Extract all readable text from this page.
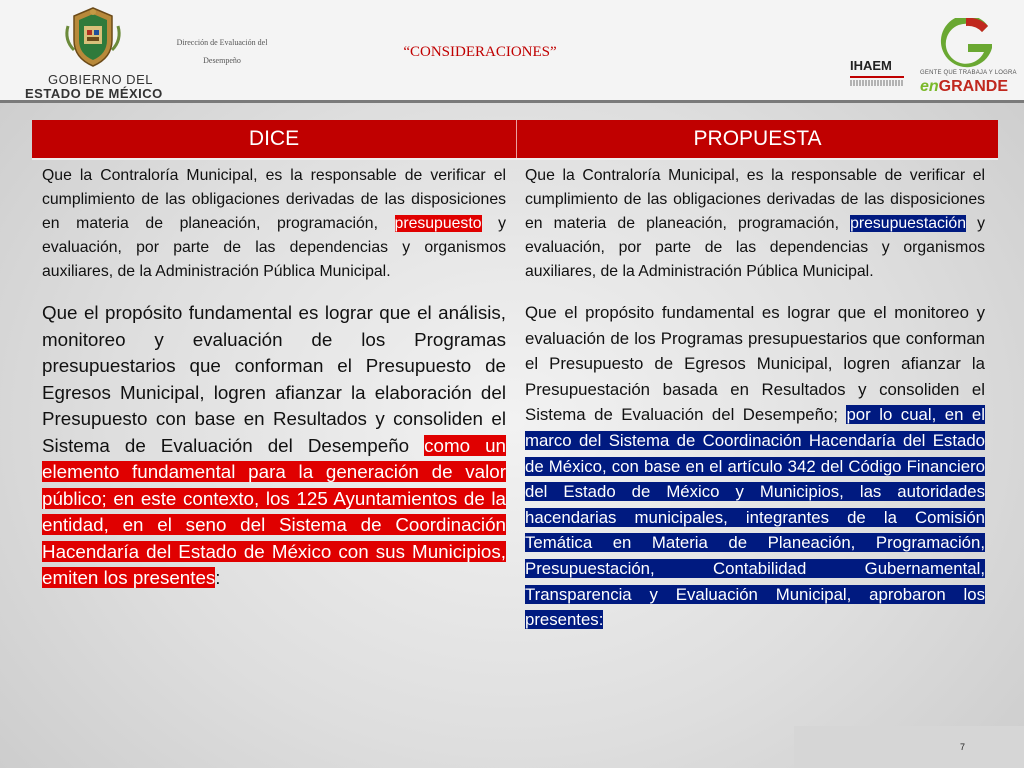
GOBIERNO DEL
ESTADO DE MÉXICO
Dirección de Evaluación del
Desempeño
“CONSIDERACIONES”
IHAEM	GENTE QUE TRABAJA Y LOGRA
enGRANDE
DICE	PROPUESTA

Que la Contraloría Municipal, es la responsable de verificar el cumplimiento de las obligaciones derivadas de las disposiciones en materia de planeación, programación, presupuesto y evaluación, por parte de las dependencias y organismos auxiliares, de la Administración Pública Municipal.

Que el propósito fundamental es lograr que el análisis, monitoreo y evaluación de los Programas presupuestarios que conforman el Presupuesto de Egresos Municipal, logren afianzar la elaboración del Presupuesto con base en Resultados y consoliden el Sistema de Evaluación del Desempeño como un elemento fundamental para la generación de valor público; en este contexto, los 125 Ayuntamientos de la entidad, en el seno del Sistema de Coordinación Hacendaría del Estado de México con sus Municipios, emiten los presentes:

Que la Contraloría Municipal, es la responsable de verificar el cumplimiento de las obligaciones derivadas de las disposiciones en materia de planeación, programación, presupuestación y evaluación, por parte de las dependencias y organismos auxiliares, de la Administración Pública Municipal.

Que el propósito fundamental es lograr que el monitoreo y evaluación de los Programas presupuestarios que conforman el Presupuesto de Egresos Municipal, logren afianzar la Presupuestación basada en Resultados y consoliden el Sistema de Evaluación del Desempeño; por lo cual, en el marco del Sistema de Coordinación Hacendaría del Estado de México, con base en el artículo 342 del Código Financiero del Estado de México y Municipios, las autoridades hacendarias municipales, integrantes de la Comisión Temática en Materia de Planeación, Programación, Presupuestación, Contabilidad Gubernamental, Transparencia y Evaluación Municipal, aprobaron los presentes:

7
